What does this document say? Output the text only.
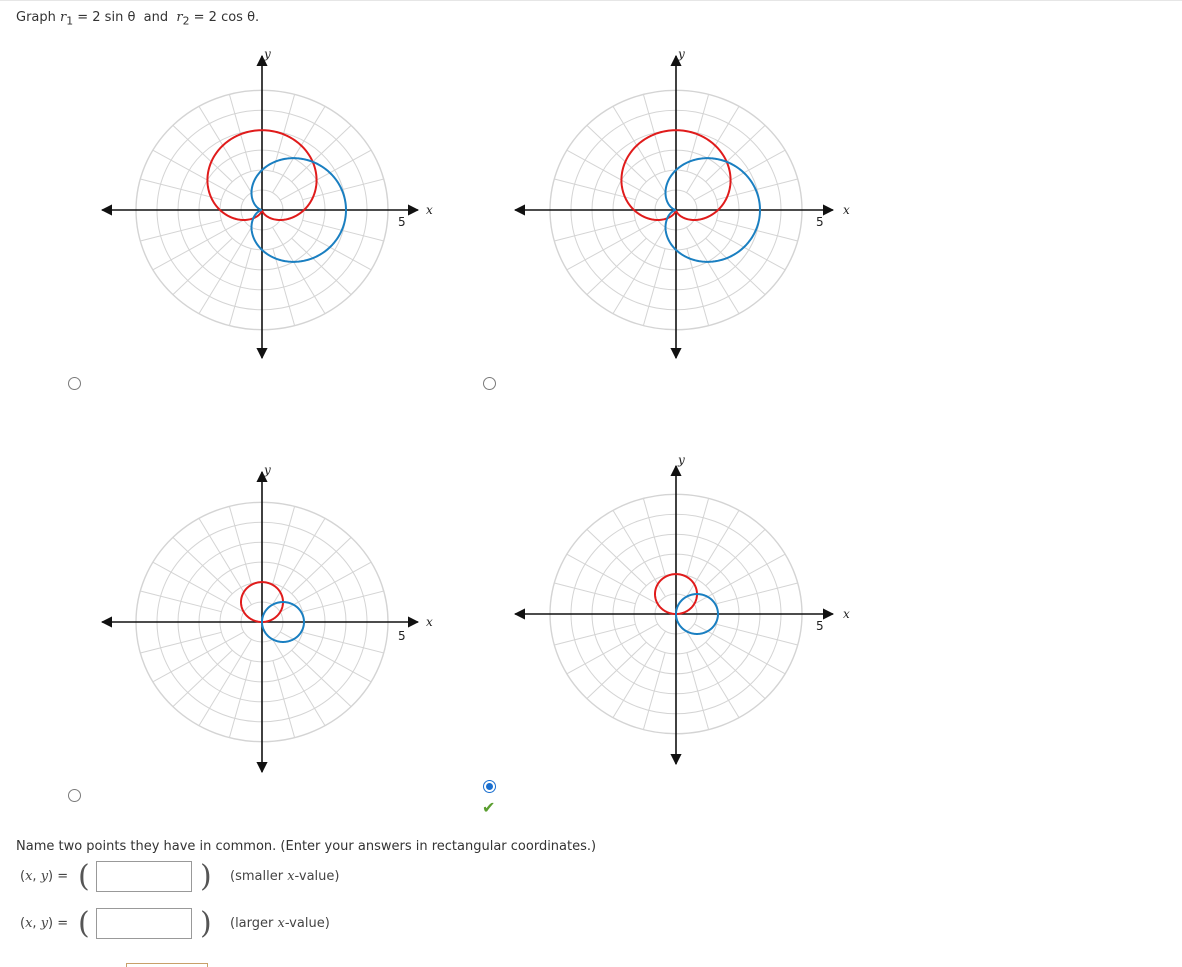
Graph $r_1 = 2$ sin θ  and  $r_2 = 2$ cos θ.
y
x
5
y
x
5
y
x
5
y
x
5
✔
Name two points they have in common. (Enter your answers in rectangular coordinates.)
(x, y) = (	) (smaller x-value)
(x, y) = (	) (larger x-value)
